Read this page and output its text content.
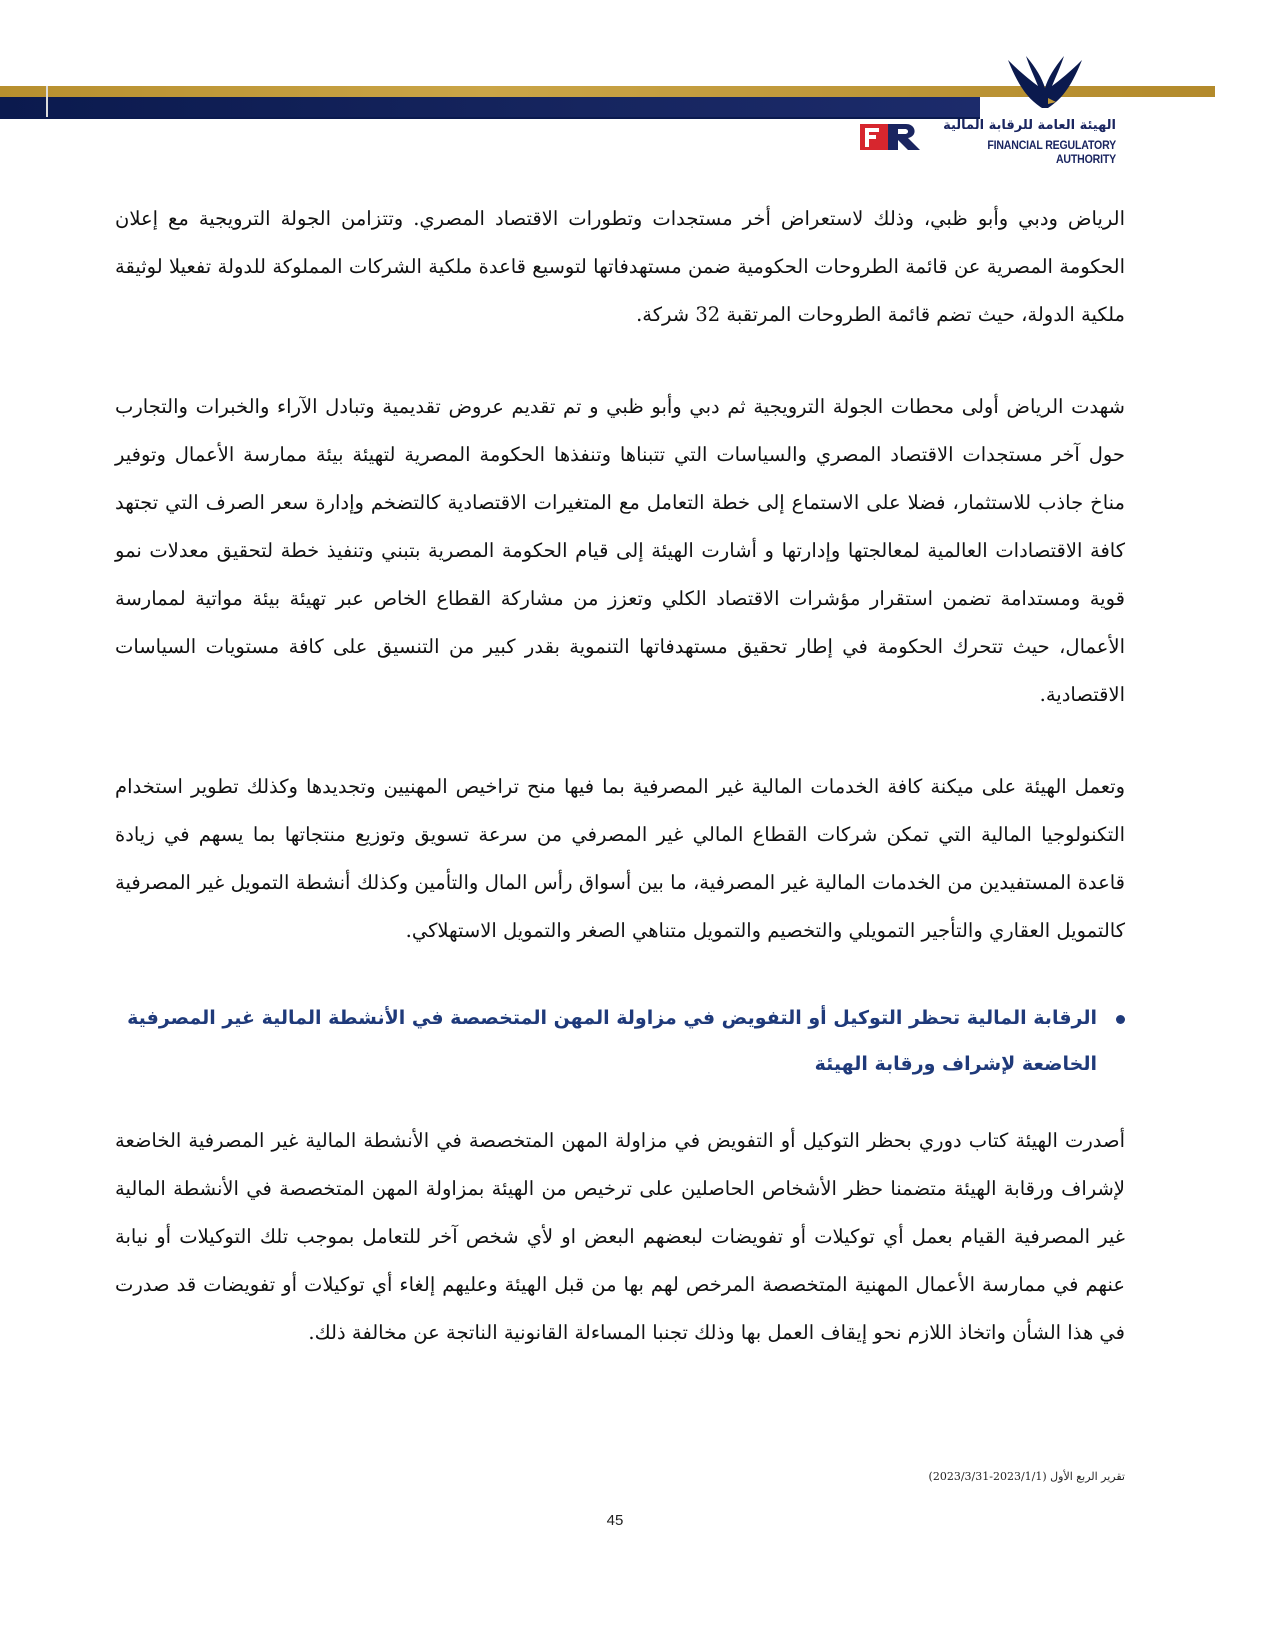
الهيئة العامة للرقابة المالية
FINANCIAL REGULATORY AUTHORITY

الرياض ودبي وأبو ظبي، وذلك لاستعراض أخر مستجدات وتطورات الاقتصاد المصري. وتتزامن الجولة الترويجية مع إعلان الحكومة المصرية عن قائمة الطروحات الحكومية ضمن مستهدفاتها لتوسيع قاعدة ملكية الشركات المملوكة للدولة تفعيلا لوثيقة ملكية الدولة، حيث تضم قائمة الطروحات المرتقبة 32 شركة.

شهدت الرياض أولى محطات الجولة الترويجية ثم دبي وأبو ظبي و تم تقديم عروض تقديمية وتبادل الآراء والخبرات والتجارب حول آخر مستجدات الاقتصاد المصري والسياسات التي تتبناها وتنفذها الحكومة المصرية لتهيئة بيئة ممارسة الأعمال وتوفير مناخ جاذب للاستثمار، فضلا على الاستماع إلى خطة التعامل مع المتغيرات الاقتصادية كالتضخم وإدارة سعر الصرف التي تجتهد كافة الاقتصادات العالمية لمعالجتها وإدارتها و أشارت الهيئة إلى قيام الحكومة المصرية بتبني وتنفيذ خطة لتحقيق معدلات نمو قوية ومستدامة تضمن استقرار مؤشرات الاقتصاد الكلي وتعزز من مشاركة القطاع الخاص عبر تهيئة بيئة مواتية لممارسة الأعمال، حيث تتحرك الحكومة في إطار تحقيق مستهدفاتها التنموية بقدر كبير من التنسيق على كافة مستويات السياسات الاقتصادية.

وتعمل الهيئة على ميكنة كافة الخدمات المالية غير المصرفية بما فيها منح تراخيص المهنيين وتجديدها وكذلك تطوير استخدام التكنولوجيا المالية التي تمكن شركات القطاع المالي غير المصرفي من سرعة تسويق وتوزيع منتجاتها بما يسهم في زيادة قاعدة المستفيدين من الخدمات المالية غير المصرفية، ما بين أسواق رأس المال والتأمين وكذلك أنشطة التمويل غير المصرفية كالتمويل العقاري والتأجير التمويلي والتخصيم والتمويل متناهي الصغر والتمويل الاستهلاكي.

الرقابة المالية تحظر التوكيل أو التفويض في مزاولة المهن المتخصصة في الأنشطة المالية غير المصرفية الخاضعة لإشراف ورقابة الهيئة

أصدرت الهيئة كتاب دوري بحظر التوكيل أو التفويض في مزاولة المهن المتخصصة في الأنشطة المالية غير المصرفية الخاضعة لإشراف ورقابة الهيئة متضمنا حظر الأشخاص الحاصلين على ترخيص من الهيئة بمزاولة المهن المتخصصة في الأنشطة المالية غير المصرفية القيام بعمل أي توكيلات أو تفويضات لبعضهم البعض او لأي شخص آخر للتعامل بموجب تلك التوكيلات أو نيابة عنهم في ممارسة الأعمال المهنية المتخصصة المرخص لهم بها من قبل الهيئة وعليهم إلغاء أي توكيلات أو تفويضات قد صدرت في هذا الشأن واتخاذ اللازم نحو إيقاف العمل بها وذلك تجنبا المساءلة القانونية الناتجة عن مخالفة ذلك.

تقرير الربع الأول (2023/1/1-2023/3/31)
45
